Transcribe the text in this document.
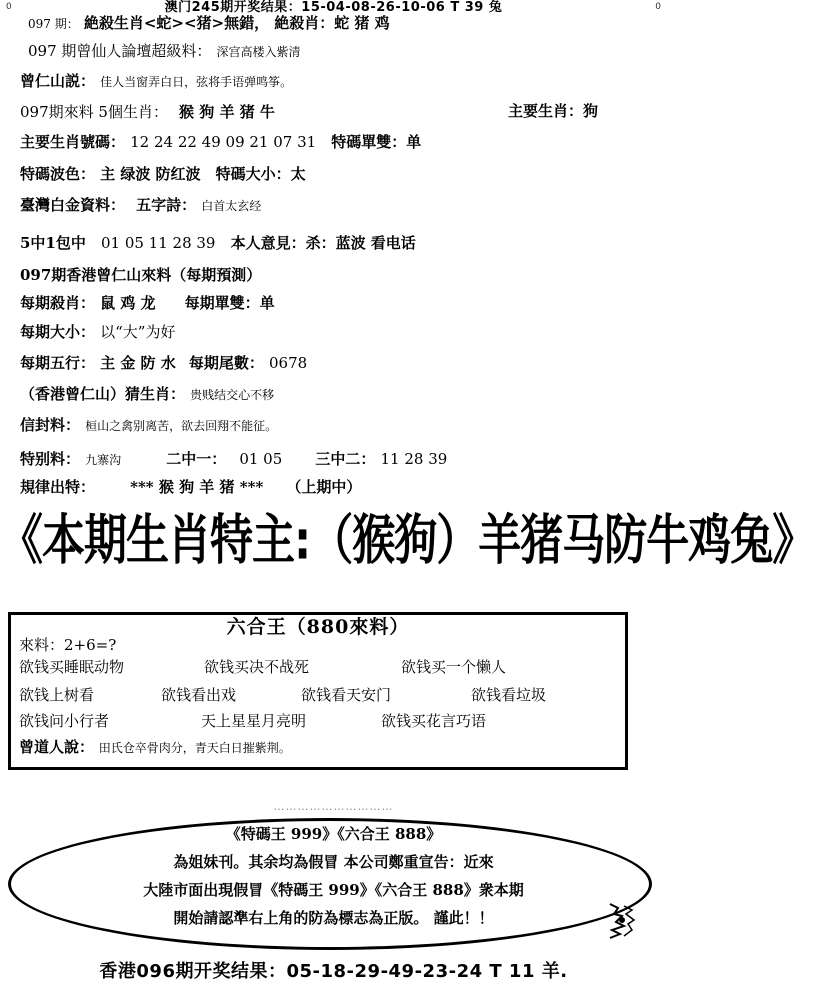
0	0
澳门245期开奖结果：15-04-08-26-10-06 T 39 兔
097 期： 絶殺生肖<蛇><猪>無錯， 絶殺肖：蛇 猪 鸡
097 期曾仙人論壇超級料： 深宫高楼入紫清
曾仁山説： 佳人当窗弄白日，弦将手语弹鸣筝。
097期來料 5個生肖： 猴 狗 羊 猪 牛	主要生肖：狗
主要生肖號碼： 12 24 22 49 09 21 07 31 特碼單雙：单
特碼波色： 主 绿波 防红波 特碼大小：太
臺灣白金資料： 五字詩： 白首太玄经
5中1包中 01 05 11 28 39 本人意見：杀：蓝波 看电话
097期香港曾仁山來料（每期預測）
每期殺肖： 鼠 鸡 龙 每期單雙：单
每期大小： 以“大”为好
每期五行： 主 金 防 水 每期尾數： 0678
（香港曾仁山）猜生肖： 贵贱结交心不移
信封料： 桓山之禽别离苦，欲去回翔不能征。
特别料： 九寨沟	二中一： 01 05 三中二： 11 28 39
規律出特： *** 猴 狗 羊 猪 *** （上期中）
《本期生肖特主:（猴狗）羊猪马防牛鸡兔》
六合王（880來料）
來料：2+6=?
欲钱买睡眠动物	欲钱买决不战死	欲钱买一个懒人
欲钱上树看	欲钱看出戏	欲钱看天安门	欲钱看垃圾
欲钱问小行者	天上星星月亮明	欲钱买花言巧语
曾道人說： 田氏仓卒骨肉分，青天白日摧紫荆。
…………………………
《特碼王 999》《六合王 888》
為姐妹刊。其余均為假冒 本公司鄭重宣告：近來
大陸市面出現假冒《特碼王 999》《六合王 888》衆本期
開始請認準右上角的防為標志為正版。 謹此！！
香港096期开奖结果：05-18-29-49-23-24 T 11 羊.
